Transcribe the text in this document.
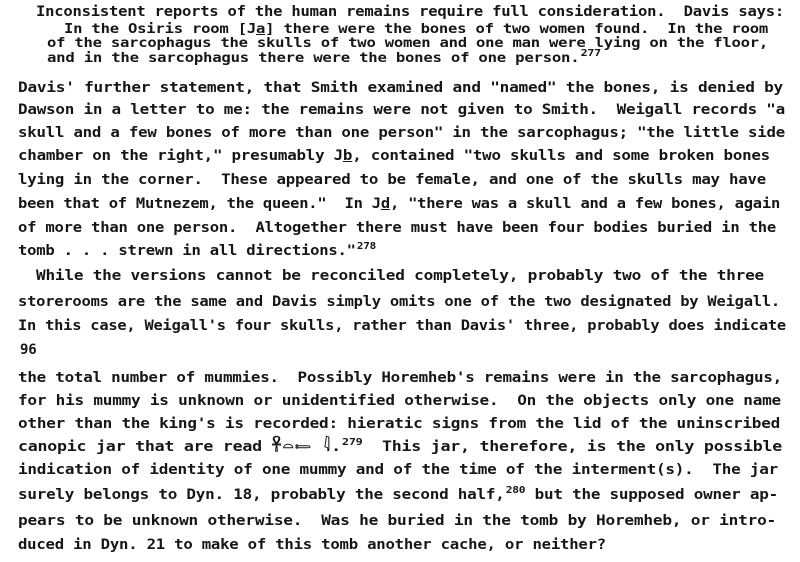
Inconsistent reports of the human remains require full consideration.  Davis says:
In the Osiris room [Ja] there were the bones of two women found.  In the room
of the sarcophagus the skulls of two women and one man were lying on the floor,
and in the sarcophagus there were the bones of one person.$^{277}$
Davis' further statement, that Smith examined and "named" the bones, is denied by
Dawson in a letter to me: the remains were not given to Smith.  Weigall records "a
skull and a few bones of more than one person" in the sarcophagus; "the little side
chamber on the right," presumably Jb, contained "two skulls and some broken bones
lying in the corner.  These appeared to be female, and one of the skulls may have
been that of Mutnezem, the queen."  In Jd, "there was a skull and a few bones, again
of more than one person.  Altogether there must have been four bodies buried in the
tomb . . . strewn in all directions."$^{278}$
While the versions cannot be reconciled completely, probably two of the three
storerooms are the same and Davis simply omits one of the two designated by Weigall.
In this case, Weigall's four skulls, rather than Davis' three, probably does indicate
the total number of mummies.  Possibly Horemheb's remains were in the sarcophagus,
for his mummy is unknown or unidentified otherwise.  On the objects only one name
other than the king's is recorded: hieratic signs from the lid of the uninscribed
canopic jar that are read 𓋹𓏏𓍿 𓇋.$^{279}$  This jar, therefore, is the only possible
indication of identity of one mummy and of the time of the interment(s).  The jar
surely belongs to Dyn. 18, probably the second half,$^{280}$ but the supposed owner ap-
pears to be unknown otherwise.  Was he buried in the tomb by Horemheb, or intro-
duced in Dyn. 21 to make of this tomb another cache, or neither?
96
